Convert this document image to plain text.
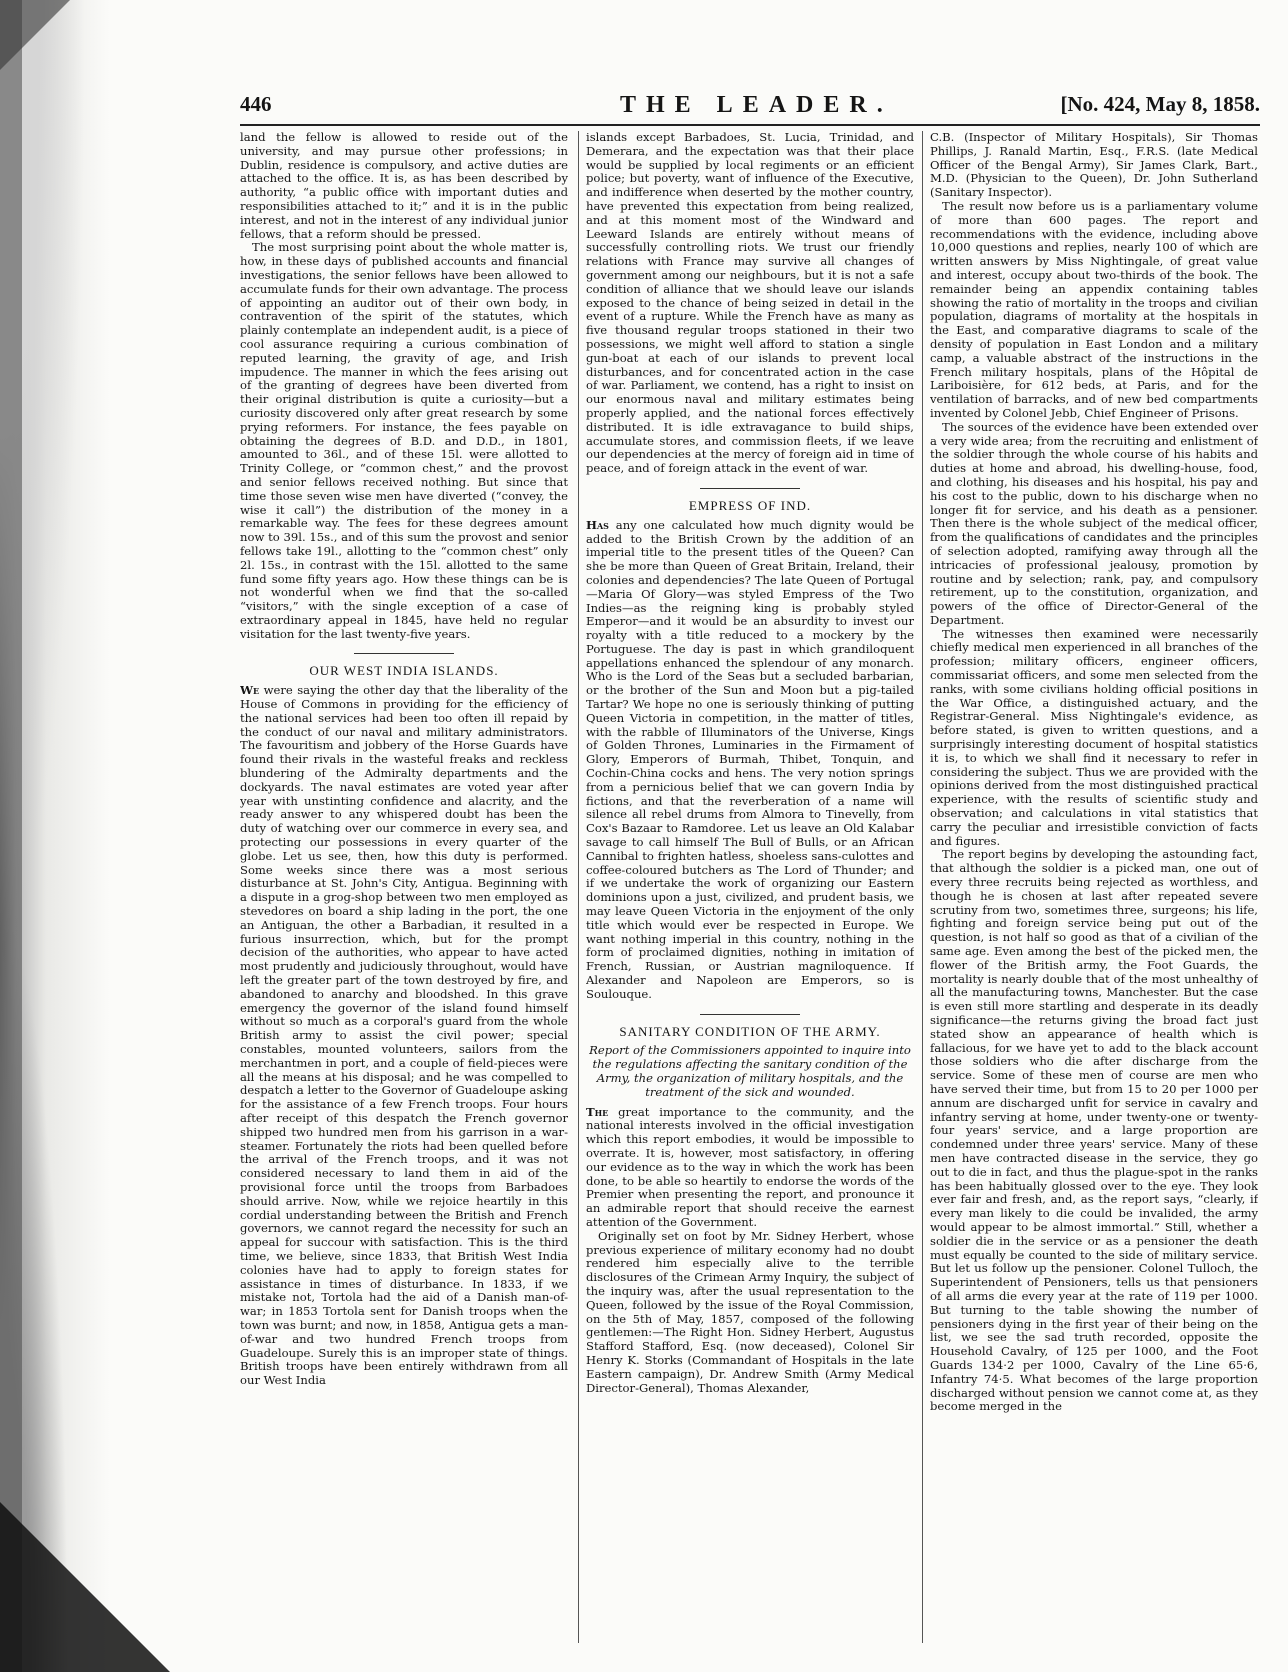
446	THE LEADER.	[No. 424, May 8, 1858.

land the fellow is allowed to reside out of the university, and may pursue other professions; in Dublin, residence is compulsory, and active duties are attached to the office. It is, as has been described by authority, “a public office with important duties and responsibilities attached to it;” and it is in the public interest, and not in the interest of any individual junior fellows, that a reform should be pressed.

The most surprising point about the whole matter is, how, in these days of published accounts and financial investigations, the senior fellows have been allowed to accumulate funds for their own advantage. The process of appointing an auditor out of their own body, in contravention of the spirit of the statutes, which plainly contemplate an independent audit, is a piece of cool assurance requiring a curious combination of reputed learning, the gravity of age, and Irish impudence. The manner in which the fees arising out of the granting of degrees have been diverted from their original distribution is quite a curiosity—but a curiosity discovered only after great research by some prying reformers. For instance, the fees payable on obtaining the degrees of B.D. and D.D., in 1801, amounted to 36l., and of these 15l. were allotted to Trinity College, or “common chest,” and the provost and senior fellows received nothing. But since that time those seven wise men have diverted (“convey, the wise it call”) the distribution of the money in a remarkable way. The fees for these degrees amount now to 39l. 15s., and of this sum the provost and senior fellows take 19l., allotting to the “common chest” only 2l. 15s., in contrast with the 15l. allotted to the same fund some fifty years ago. How these things can be is not wonderful when we find that the so-called “visitors,” with the single exception of a case of extraordinary appeal in 1845, have held no regular visitation for the last twenty-five years.

OUR WEST INDIA ISLANDS.

We were saying the other day that the liberality of the House of Commons in providing for the efficiency of the national services had been too often ill repaid by the conduct of our naval and military administrators. The favouritism and jobbery of the Horse Guards have found their rivals in the wasteful freaks and reckless blundering of the Admiralty departments and the dockyards. The naval estimates are voted year after year with unstinting confidence and alacrity, and the ready answer to any whispered doubt has been the duty of watching over our commerce in every sea, and protecting our possessions in every quarter of the globe. Let us see, then, how this duty is performed. Some weeks since there was a most serious disturbance at St. John's City, Antigua. Beginning with a dispute in a grog-shop between two men employed as stevedores on board a ship lading in the port, the one an Antiguan, the other a Barbadian, it resulted in a furious insurrection, which, but for the prompt decision of the authorities, who appear to have acted most prudently and judiciously throughout, would have left the greater part of the town destroyed by fire, and abandoned to anarchy and bloodshed. In this grave emergency the governor of the island found himself without so much as a corporal's guard from the whole British army to assist the civil power; special constables, mounted volunteers, sailors from the merchantmen in port, and a couple of field-pieces were all the means at his disposal; and he was compelled to despatch a letter to the Governor of Guadeloupe asking for the assistance of a few French troops. Four hours after receipt of this despatch the French governor shipped two hundred men from his garrison in a war-steamer. Fortunately the riots had been quelled before the arrival of the French troops, and it was not considered necessary to land them in aid of the provisional force until the troops from Barbadoes should arrive. Now, while we rejoice heartily in this cordial understanding between the British and French governors, we cannot regard the necessity for such an appeal for succour with satisfaction. This is the third time, we believe, since 1833, that British West India colonies have had to apply to foreign states for assistance in times of disturbance. In 1833, if we mistake not, Tortola had the aid of a Danish man-of-war; in 1853 Tortola sent for Danish troops when the town was burnt; and now, in 1858, Antigua gets a man-of-war and two hundred French troops from Guadeloupe. Surely this is an improper state of things. British troops have been entirely withdrawn from all our West India

islands except Barbadoes, St. Lucia, Trinidad, and Demerara, and the expectation was that their place would be supplied by local regiments or an efficient police; but poverty, want of influence of the Executive, and indifference when deserted by the mother country, have prevented this expectation from being realized, and at this moment most of the Windward and Leeward Islands are entirely without means of successfully controlling riots. We trust our friendly relations with France may survive all changes of government among our neighbours, but it is not a safe condition of alliance that we should leave our islands exposed to the chance of being seized in detail in the event of a rupture. While the French have as many as five thousand regular troops stationed in their two possessions, we might well afford to station a single gun-boat at each of our islands to prevent local disturbances, and for concentrated action in the case of war. Parliament, we contend, has a right to insist on our enormous naval and military estimates being properly applied, and the national forces effectively distributed. It is idle extravagance to build ships, accumulate stores, and commission fleets, if we leave our dependencies at the mercy of foreign aid in time of peace, and of foreign attack in the event of war.

EMPRESS OF IND.

Has any one calculated how much dignity would be added to the British Crown by the addition of an imperial title to the present titles of the Queen? Can she be more than Queen of Great Britain, Ireland, their colonies and dependencies? The late Queen of Portugal—Maria Of Glory—was styled Empress of the Two Indies—as the reigning king is probably styled Emperor—and it would be an absurdity to invest our royalty with a title reduced to a mockery by the Portuguese. The day is past in which grandiloquent appellations enhanced the splendour of any monarch. Who is the Lord of the Seas but a secluded barbarian, or the brother of the Sun and Moon but a pig-tailed Tartar? We hope no one is seriously thinking of putting Queen Victoria in competition, in the matter of titles, with the rabble of Illuminators of the Universe, Kings of Golden Thrones, Luminaries in the Firmament of Glory, Emperors of Burmah, Thibet, Tonquin, and Cochin-China cocks and hens. The very notion springs from a pernicious belief that we can govern India by fictions, and that the reverberation of a name will silence all rebel drums from Almora to Tinevelly, from Cox's Bazaar to Ramdoree. Let us leave an Old Kalabar savage to call himself The Bull of Bulls, or an African Cannibal to frighten hatless, shoeless sans-culottes and coffee-coloured butchers as The Lord of Thunder; and if we undertake the work of organizing our Eastern dominions upon a just, civilized, and prudent basis, we may leave Queen Victoria in the enjoyment of the only title which would ever be respected in Europe. We want nothing imperial in this country, nothing in the form of proclaimed dignities, nothing in imitation of French, Russian, or Austrian magniloquence. If Alexander and Napoleon are Emperors, so is Soulouque.

SANITARY CONDITION OF THE ARMY.

Report of the Commissioners appointed to inquire into the regulations affecting the sanitary condition of the Army, the organization of military hospitals, and the treatment of the sick and wounded.

The great importance to the community, and the national interests involved in the official investigation which this report embodies, it would be impossible to overrate. It is, however, most satisfactory, in offering our evidence as to the way in which the work has been done, to be able so heartily to endorse the words of the Premier when presenting the report, and pronounce it an admirable report that should receive the earnest attention of the Government.

Originally set on foot by Mr. Sidney Herbert, whose previous experience of military economy had no doubt rendered him especially alive to the terrible disclosures of the Crimean Army Inquiry, the subject of the inquiry was, after the usual representation to the Queen, followed by the issue of the Royal Commission, on the 5th of May, 1857, composed of the following gentlemen:—The Right Hon. Sidney Herbert, Augustus Stafford Stafford, Esq. (now deceased), Colonel Sir Henry K. Storks (Commandant of Hospitals in the late Eastern campaign), Dr. Andrew Smith (Army Medical Director-General), Thomas Alexander,

C.B. (Inspector of Military Hospitals), Sir Thomas Phillips, J. Ranald Martin, Esq., F.R.S. (late Medical Officer of the Bengal Army), Sir James Clark, Bart., M.D. (Physician to the Queen), Dr. John Sutherland (Sanitary Inspector).

The result now before us is a parliamentary volume of more than 600 pages. The report and recommendations with the evidence, including above 10,000 questions and replies, nearly 100 of which are written answers by Miss Nightingale, of great value and interest, occupy about two-thirds of the book. The remainder being an appendix containing tables showing the ratio of mortality in the troops and civilian population, diagrams of mortality at the hospitals in the East, and comparative diagrams to scale of the density of population in East London and a military camp, a valuable abstract of the instructions in the French military hospitals, plans of the Hôpital de Lariboisière, for 612 beds, at Paris, and for the ventilation of barracks, and of new bed compartments invented by Colonel Jebb, Chief Engineer of Prisons.

The sources of the evidence have been extended over a very wide area; from the recruiting and enlistment of the soldier through the whole course of his habits and duties at home and abroad, his dwelling-house, food, and clothing, his diseases and his hospital, his pay and his cost to the public, down to his discharge when no longer fit for service, and his death as a pensioner. Then there is the whole subject of the medical officer, from the qualifications of candidates and the principles of selection adopted, ramifying away through all the intricacies of professional jealousy, promotion by routine and by selection; rank, pay, and compulsory retirement, up to the constitution, organization, and powers of the office of Director-General of the Department.

The witnesses then examined were necessarily chiefly medical men experienced in all branches of the profession; military officers, engineer officers, commissariat officers, and some men selected from the ranks, with some civilians holding official positions in the War Office, a distinguished actuary, and the Registrar-General. Miss Nightingale's evidence, as before stated, is given to written questions, and a surprisingly interesting document of hospital statistics it is, to which we shall find it necessary to refer in considering the subject. Thus we are provided with the opinions derived from the most distinguished practical experience, with the results of scientific study and observation; and calculations in vital statistics that carry the peculiar and irresistible conviction of facts and figures.

The report begins by developing the astounding fact, that although the soldier is a picked man, one out of every three recruits being rejected as worthless, and though he is chosen at last after repeated severe scrutiny from two, sometimes three, surgeons; his life, fighting and foreign service being put out of the question, is not half so good as that of a civilian of the same age. Even among the best of the picked men, the flower of the British army, the Foot Guards, the mortality is nearly double that of the most unhealthy of all the manufacturing towns, Manchester. But the case is even still more startling and desperate in its deadly significance—the returns giving the broad fact just stated show an appearance of health which is fallacious, for we have yet to add to the black account those soldiers who die after discharge from the service. Some of these men of course are men who have served their time, but from 15 to 20 per 1000 per annum are discharged unfit for service in cavalry and infantry serving at home, under twenty-one or twenty-four years' service, and a large proportion are condemned under three years' service. Many of these men have contracted disease in the service, they go out to die in fact, and thus the plague-spot in the ranks has been habitually glossed over to the eye. They look ever fair and fresh, and, as the report says, “clearly, if every man likely to die could be invalided, the army would appear to be almost immortal.” Still, whether a soldier die in the service or as a pensioner the death must equally be counted to the side of military service. But let us follow up the pensioner. Colonel Tulloch, the Superintendent of Pensioners, tells us that pensioners of all arms die every year at the rate of 119 per 1000. But turning to the table showing the number of pensioners dying in the first year of their being on the list, we see the sad truth recorded, opposite the Household Cavalry, of 125 per 1000, and the Foot Guards 134·2 per 1000, Cavalry of the Line 65·6, Infantry 74·5. What becomes of the large proportion discharged without pension we cannot come at, as they become merged in the
